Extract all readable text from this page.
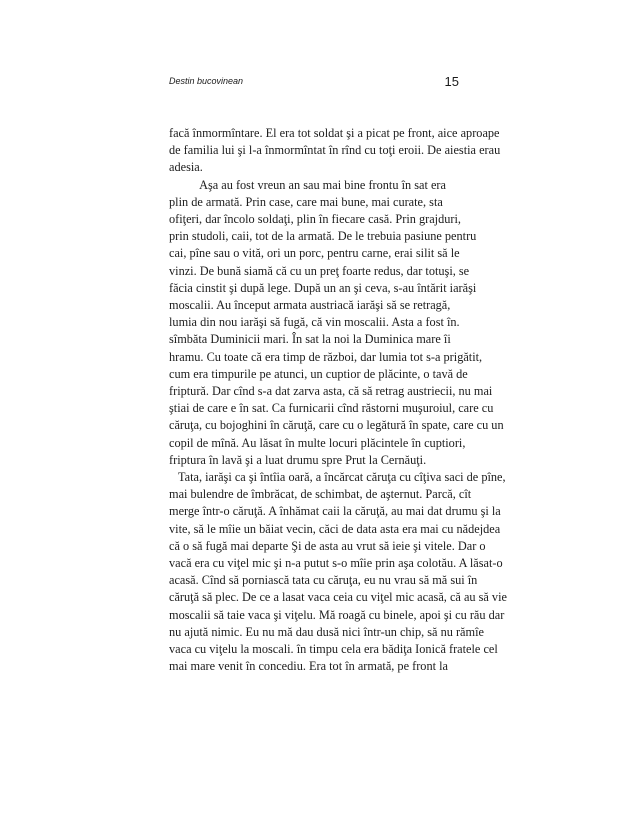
Destin bucovinean	15
facă înmormîntare. El era tot soldat şi a picat pe front, aice aproape
de familia lui şi l-a înmormîntat în rînd cu toţi eroii. De aiestia erau
adesia.
Aşa au fost vreun an sau mai bine frontu în sat era
plin de armată. Prin case, care mai bune, mai curate, sta
ofiţeri, dar încolo soldaţi, plin în fiecare casă. Prin grajduri,
prin studoli, caii, tot de la armată. De le trebuia pasiune pentru
cai, pîne sau o vită, ori un porc, pentru carne, erai silit să le
vinzi. De bună siamă că cu un preţ foarte redus, dar totuşi, se
făcia cinstit şi după lege. După un an şi ceva, s-au întărit iarăşi
moscalii. Au început armata austriacă iarăşi să se retragă,
lumia din nou iarăşi să fugă, că vin moscalii. Asta a fost în.
sîmbăta Duminicii mari. În sat la noi la Duminica mare îi
hramu. Cu toate că era timp de război, dar lumia tot s-a prigătit,
cum era timpurile pe atunci, un cuptior de plăcinte, o tavă de
fripturǎ. Dar cînd s-a dat zarva asta, că să retrag austriecii, nu mai
ştiai de care e în sat. Ca furnicarii cînd răstorni muşuroiul, care cu
căruţa, cu bojoghini în căruţă, care cu o legătură în spate, care cu un
copil de mînă. Au lăsat în multe locuri plăcintele în cuptiori,
friptura în lavă şi a luat drumu spre Prut la Cernăuţi.
Tata, iarăşi ca şi întîia oară, a încărcat căruţa cu cîţiva saci de pîne,
mai bulendre de îmbrăcat, de schimbat, de aşternut. Parcă, cît
merge într-o căruţă. A înhămat caii la căruţă, au mai dat drumu şi la
vite, să le mîie un băiat vecin, căci de data asta era mai cu nădejdea
că o să fugă mai departe Şi de asta au vrut să ieie şi vitele. Dar o
vacă era cu viţel mic şi n-a putut s-o mîie prin aşa colotău. A lăsat-o
acasă. Cînd să porniască tata cu căruţa, eu nu vrau să mă sui în
căruţă să plec. De ce a lasat vaca ceia cu viţel mic acasă, că au să vie
moscalii să taie vaca şi viţelu. Mă roagă cu binele, apoi şi cu rău dar
nu ajută nimic. Eu nu mă dau dusă nici într-un chip, să nu rămîe
vaca cu viţelu la moscali. în timpu cela era bădiţa Ionică fratele cel
mai mare venit în concediu. Era tot în armată, pe front la
